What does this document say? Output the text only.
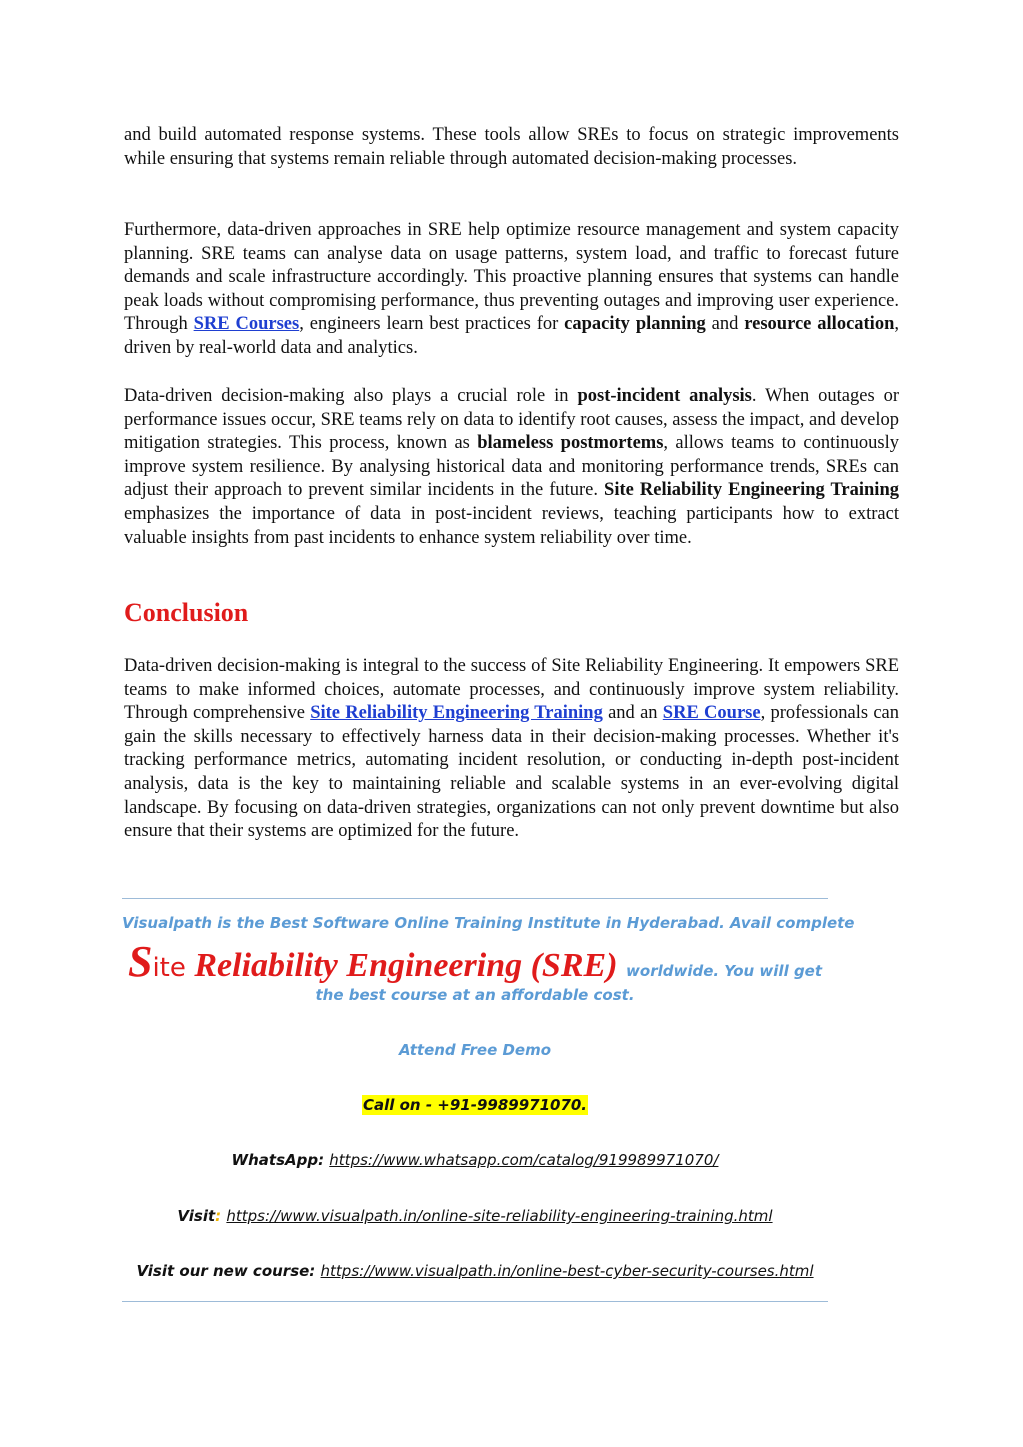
and build automated response systems. These tools allow SREs to focus on strategic improvements while ensuring that systems remain reliable through automated decision-making processes.

Furthermore, data-driven approaches in SRE help optimize resource management and system capacity planning. SRE teams can analyse data on usage patterns, system load, and traffic to forecast future demands and scale infrastructure accordingly. This proactive planning ensures that systems can handle peak loads without compromising performance, thus preventing outages and improving user experience. Through SRE Courses, engineers learn best practices for capacity planning and resource allocation, driven by real-world data and analytics.

Data-driven decision-making also plays a crucial role in post-incident analysis. When outages or performance issues occur, SRE teams rely on data to identify root causes, assess the impact, and develop mitigation strategies. This process, known as blameless postmortems, allows teams to continuously improve system resilience. By analysing historical data and monitoring performance trends, SREs can adjust their approach to prevent similar incidents in the future. Site Reliability Engineering Training emphasizes the importance of data in post-incident reviews, teaching participants how to extract valuable insights from past incidents to enhance system reliability over time.

Conclusion

Data-driven decision-making is integral to the success of Site Reliability Engineering. It empowers SRE teams to make informed choices, automate processes, and continuously improve system reliability. Through comprehensive Site Reliability Engineering Training and an SRE Course, professionals can gain the skills necessary to effectively harness data in their decision-making processes. Whether it's tracking performance metrics, automating incident resolution, or conducting in-depth post-incident analysis, data is the key to maintaining reliable and scalable systems in an ever-evolving digital landscape. By focusing on data-driven strategies, organizations can not only prevent downtime but also ensure that their systems are optimized for the future.

Visualpath is the Best Software Online Training Institute in Hyderabad. Avail complete

Site Reliability Engineering (SRE) worldwide. You will get

the best course at an affordable cost.

Attend Free Demo

Call on - +91-9989971070.

WhatsApp: https://www.whatsapp.com/catalog/919989971070/

Visit: https://www.visualpath.in/online-site-reliability-engineering-training.html

Visit our new course: https://www.visualpath.in/online-best-cyber-security-courses.html
